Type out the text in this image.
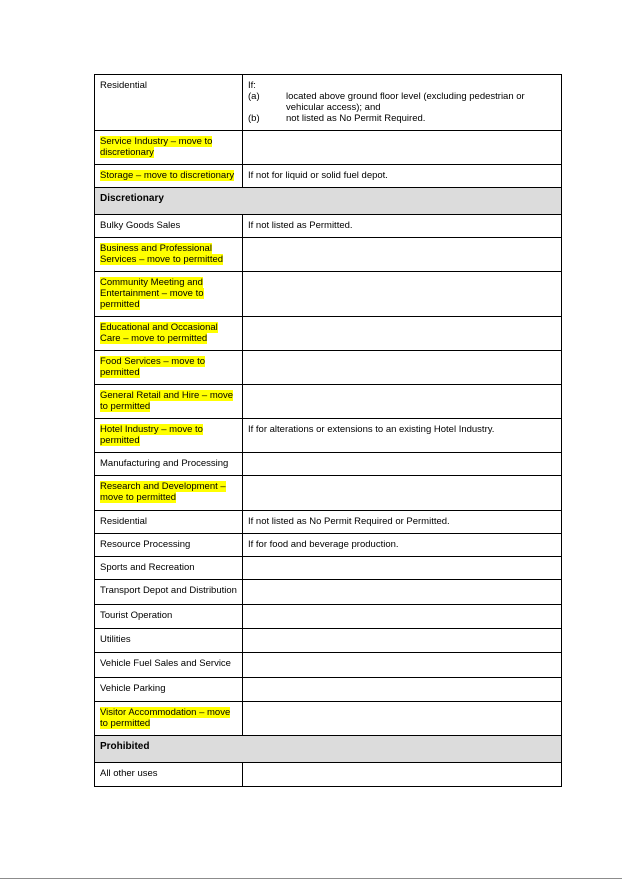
Residential	If:
(a) located above ground floor level (excluding pedestrian or vehicular access); and
(b) not listed as No Permit Required.

Service Industry – move to discretionary	
Storage – move to discretionary	If not for liquid or solid fuel depot.
Discretionary	
Bulky Goods Sales	If not listed as Permitted.
Business and Professional Services – move to permitted	
Community Meeting and Entertainment – move to permitted	
Educational and Occasional Care – move to permitted	
Food Services – move to permitted	
General Retail and Hire – move to permitted	
Hotel Industry – move to permitted	If for alterations or extensions to an existing Hotel Industry.
Manufacturing and Processing	
Research and Development – move to permitted	
Residential	If not listed as No Permit Required or Permitted.
Resource Processing	If for food and beverage production.
Sports and Recreation	
Transport Depot and Distribution	
Tourist Operation	
Utilities	
Vehicle Fuel Sales and Service	
Vehicle Parking	
Visitor Accommodation – move to permitted	
Prohibited	
All other uses	
